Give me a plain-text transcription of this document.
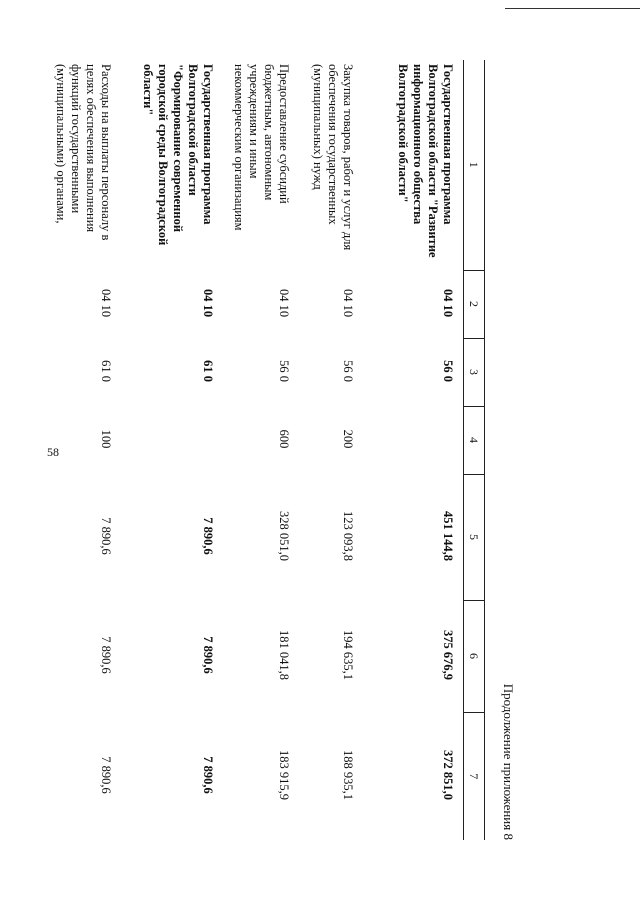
58
Продолжение приложения 8
1	2	3	4	5	6	7
Государственная программа Волгоградской области "Развитие информационного общества Волгоградской области"	04 10	56 0		451 144,8	375 676,9	372 851,0
Закупка товаров, работ и услуг для обеспечения государственных (муниципальных) нужд	04 10	56 0	200	123 093,8	194 635,1	188 935,1
Предоставление субсидий бюджетным, автономным учреждениям и иным некоммерческим организациям	04 10	56 0	600	328 051,0	181 041,8	183 915,9
Государственная программа Волгоградской области "Формирование современной городской среды Волгоградской области"	04 10	61 0		7 890,6	7 890,6	7 890,6
Расходы на выплаты персоналу в целях обеспечения выполнения функций государственными (муниципальными) органами,	04 10	61 0	100	7 890,6	7 890,6	7 890,6
